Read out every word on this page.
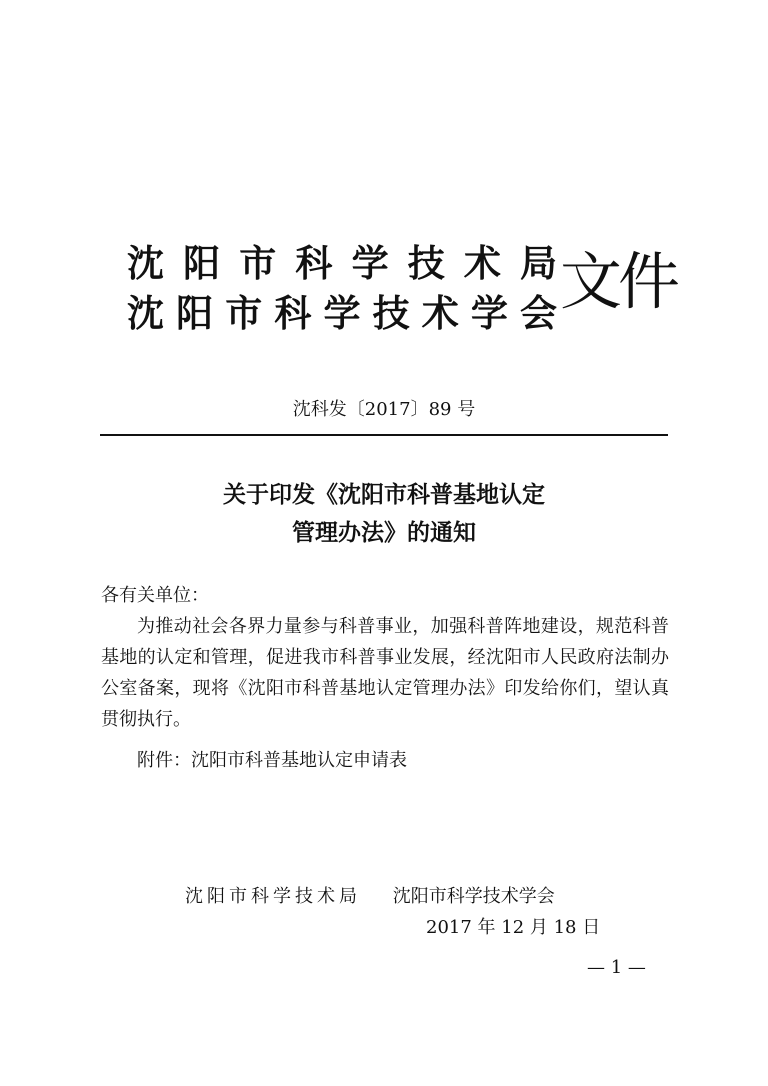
沈 阳 市 科 学 技 术 局
沈 阳 市 科 学 技 术 学 会 文件
沈科发〔2017〕89 号
关于印发《沈阳市科普基地认定
管理办法》的通知
各有关单位：
为推动社会各界力量参与科普事业，加强科普阵地建设，规范科普基地的认定和管理，促进我市科普事业发展，经沈阳市人民政府法制办公室备案，现将《沈阳市科普基地认定管理办法》印发给你们，望认真贯彻执行。
附件：沈阳市科普基地认定申请表
沈阳市科学技术局 沈阳市科学技术学会
2017 年 12 月 18 日
— 1 —
